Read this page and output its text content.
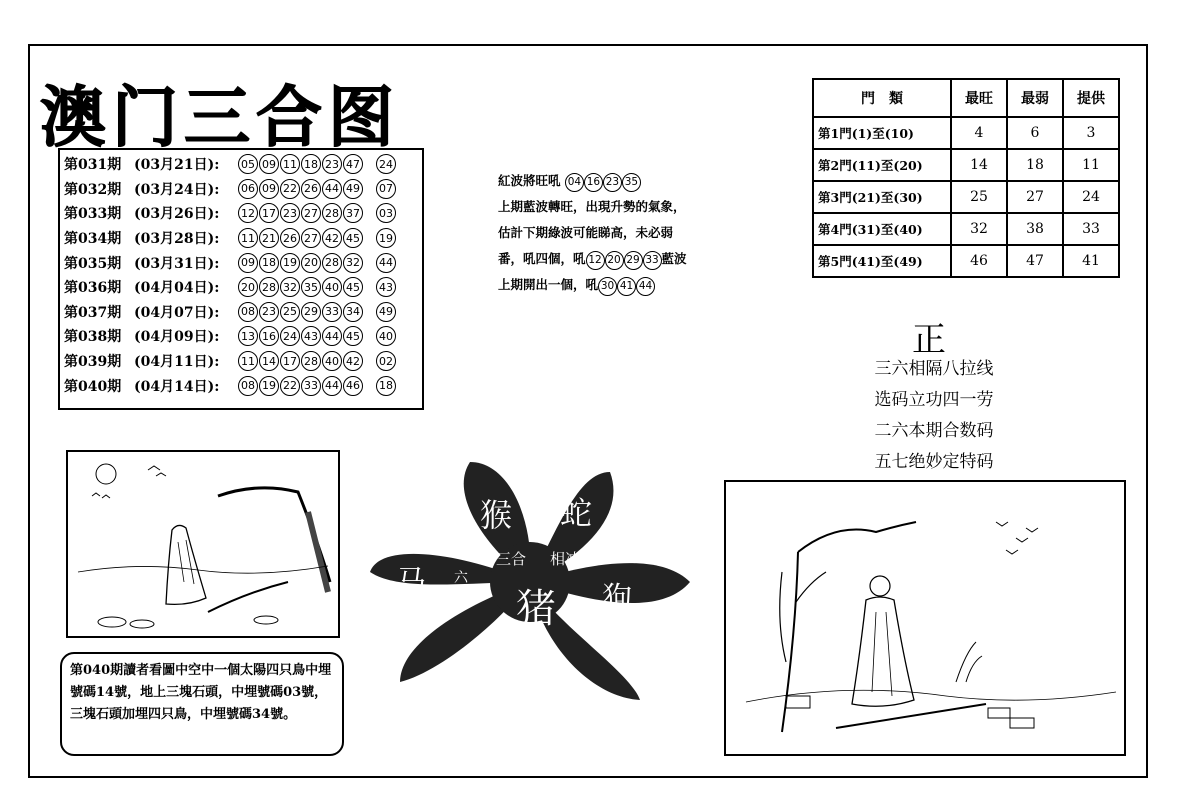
澳门三合图
第031期 (03月21日):	05 09 11 18 23 47 24
第032期 (03月24日):	06 09 22 26 44 49 07
第033期 (03月26日):	12 17 23 27 28 37 03
第034期 (03月28日):	11 21 26 27 42 45 19
第035期 (03月31日):	09 18 19 20 28 32 44
第036期 (04月04日):	20 28 32 35 40 45 43
第037期 (04月07日):	08 23 25 29 33 34 49
第038期 (04月09日):	13 16 24 43 44 45 40
第039期 (04月11日):	11 14 17 28 40 42 02
第040期 (04月14日):	08 19 22 33 44 46 18
紅波將旺吼 04 16 23 35
上期藍波轉旺，出現升勢的氣象，
估計下期綠波可能睇高，未必弱
番，吼四個，吼 12 20 29 33 藍波
上期開出一個，吼 30 41 44
門　類	最旺	最弱	提供
第1門(1)至(10)	4	6	3
第2門(11)至(20)	14	18	11
第3門(21)至(30)	25	27	24
第4門(31)至(40)	32	38	33
第5門(41)至(49)	46	47	41
正
三六相隔八拉线
选码立功四一劳
二六本期合数码
五七绝妙定特码
第040期讀者看圖中空中一個太陽四只鳥中埋號碼14號，地上三塊石頭，中埋號碼03號，三塊石頭加埋四只鳥，中埋號碼34號。
猴 蛇
马	狗
猪
三合 相冲
六
合
